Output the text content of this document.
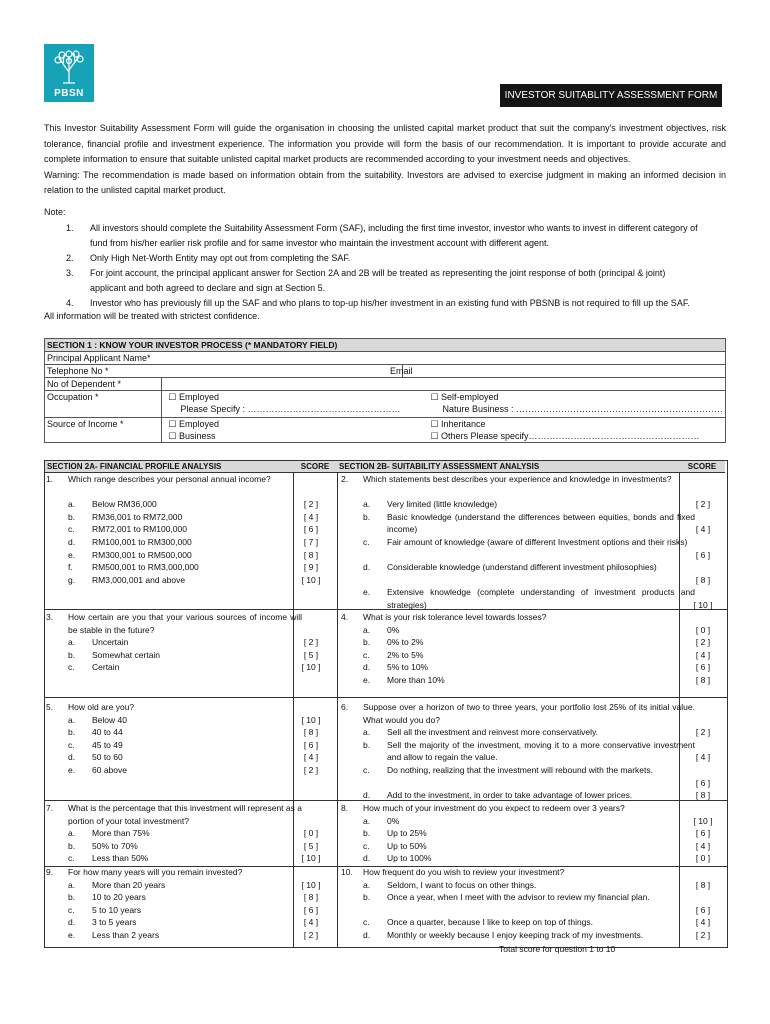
PBSN	INVESTOR SUITABLITY ASSESSMENT FORM

This Investor Suitability Assessment Form will guide the organisation in choosing the unlisted capital market product that suit the company's investment objectives, risk tolerance, financial profile and investment experience. The information you provide will form the basis of our recommendation. It is important to provide accurate and complete information to ensure that suitable unlisted capital market products are recommended according to your investment needs and objectives.

Warning: The recommendation is made based on information obtain from the suitability. Investors are advised to exercise judgment in making an informed decision in relation to the unlisted capital market product.

Note:
1. All investors should complete the Suitability Assessment Form (SAF), including the first time investor, investor who wants to invest in different category of
fund from his/her earlier risk profile and for same investor who maintain the investment account with different agent.
2. Only High Net-Worth Entity may opt out from completing the SAF.
3. For joint account, the principal applicant answer for Section 2A and 2B will be treated as representing the joint response of both (principal & joint)
applicant and both agreed to declare and sign at Section 5.
4. Investor who has previously fill up the SAF and who plans to top-up his/her investment in an existing fund with PBSNB is not required to fill up the SAF.
All information will be treated with strictest confidence.
SECTION 1 : KNOW YOUR INVESTOR PROCESS (* MANDATORY FIELD)		
Principal Applicant Name*		
Telephone No *		Email
No of Dependent *		
Occupation *	☐ Employed	☐ Self-employed
	Please Specify : ……………………………………………	Nature Business : ……………………………………………………………
Source of Income *	☐ Employed	☐ Inheritance
	☐ Business	☐ Others Please specify…………………………………………………
SECTION 2A- FINANCIAL PROFILE ANALYSIS	SCORE	SECTION 2B- SUITABILITY ASSESSMENT ANALYSIS	SCORE
1. Which range describes your personal annual income?
a. Below RM36,000	[ 2 ]
b. RM36,001 to RM72,000	[ 4 ]
c. RM72,001 to RM100,000	[ 6 ]
d. RM100,001 to RM300,000	[ 7 ]
e. RM300,001 to RM500,000	[ 8 ]
f. RM500,001 to RM3,000,000	[ 9 ]
g. RM3,000,001 and above	[ 10 ]
3. How certain are you that your various sources of income will be stable in the future?
a. Uncertain	[ 2 ]
b. Somewhat certain	[ 5 ]
c. Certain	[ 10 ]
5. How old are you?
a. Below 40	[ 10 ]
b. 40 to 44	[ 8 ]
c. 45 to 49	[ 6 ]
d. 50 to 60	[ 4 ]
e. 60 above	[ 2 ]
7. What is the percentage that this investment will represent as a portion of your total investment?
a. More than 75%	[ 0 ]
b. 50% to 70%	[ 5 ]
c. Less than 50%	[ 10 ]
9. For how many years will you remain invested?
a. More than 20 years	[ 10 ]
b. 10 to 20 years	[ 8 ]
c. 5 to 10 years	[ 6 ]
d. 3 to 5 years	[ 4 ]
e. Less than 2 years	[ 2 ]
2. Which statements best describes your experience and knowledge in investments?
a. Very limited (little knowledge)	[ 2 ]
b. Basic knowledge (understand the differences between equities, bonds and fixed income)	[ 4 ]
c. Fair amount of knowledge (aware of different Investment options and their risks)
[ 6 ]
d. Considerable knowledge (understand different investment philosophies)
[ 8 ]
e. Extensive knowledge (complete understanding of investment products and strategies)	[ 10 ]
4. What is your risk tolerance level towards losses?
a. 0%	[ 0 ]
b. 0% to 2%	[ 2 ]
c. 2% to 5%	[ 4 ]
d. 5% to 10%	[ 6 ]
e. More than 10%	[ 8 ]
6. Suppose over a horizon of two to three years, your portfolio lost 25% of its initial value. What would you do?
a. Sell all the investment and reinvest more conservatively.	[ 2 ]
b. Sell the majority of the investment, moving it to a more conservative investment and allow to regain the value.	[ 4 ]
c. Do nothing, realizing that the investment will rebound with the markets.
[ 6 ]
d. Add to the investment, in order to take advantage of lower prices.	[ 8 ]
8. How much of your investment do you expect to redeem over 3 years?
a. 0%	[ 10 ]
b. Up to 25%	[ 6 ]
c. Up to 50%	[ 4 ]
d. Up to 100%	[ 0 ]
10. How frequent do you wish to review your investment?
a. Seldom, I want to focus on other things.	[ 8 ]
b. Once a year, when I meet with the advisor to review my financial plan.
[ 6 ]
c. Once a quarter, because I like to keep on top of things.	[ 4 ]
d. Monthly or weekly because I enjoy keeping track of my investments.	[ 2 ]
Total score for question 1 to 10
